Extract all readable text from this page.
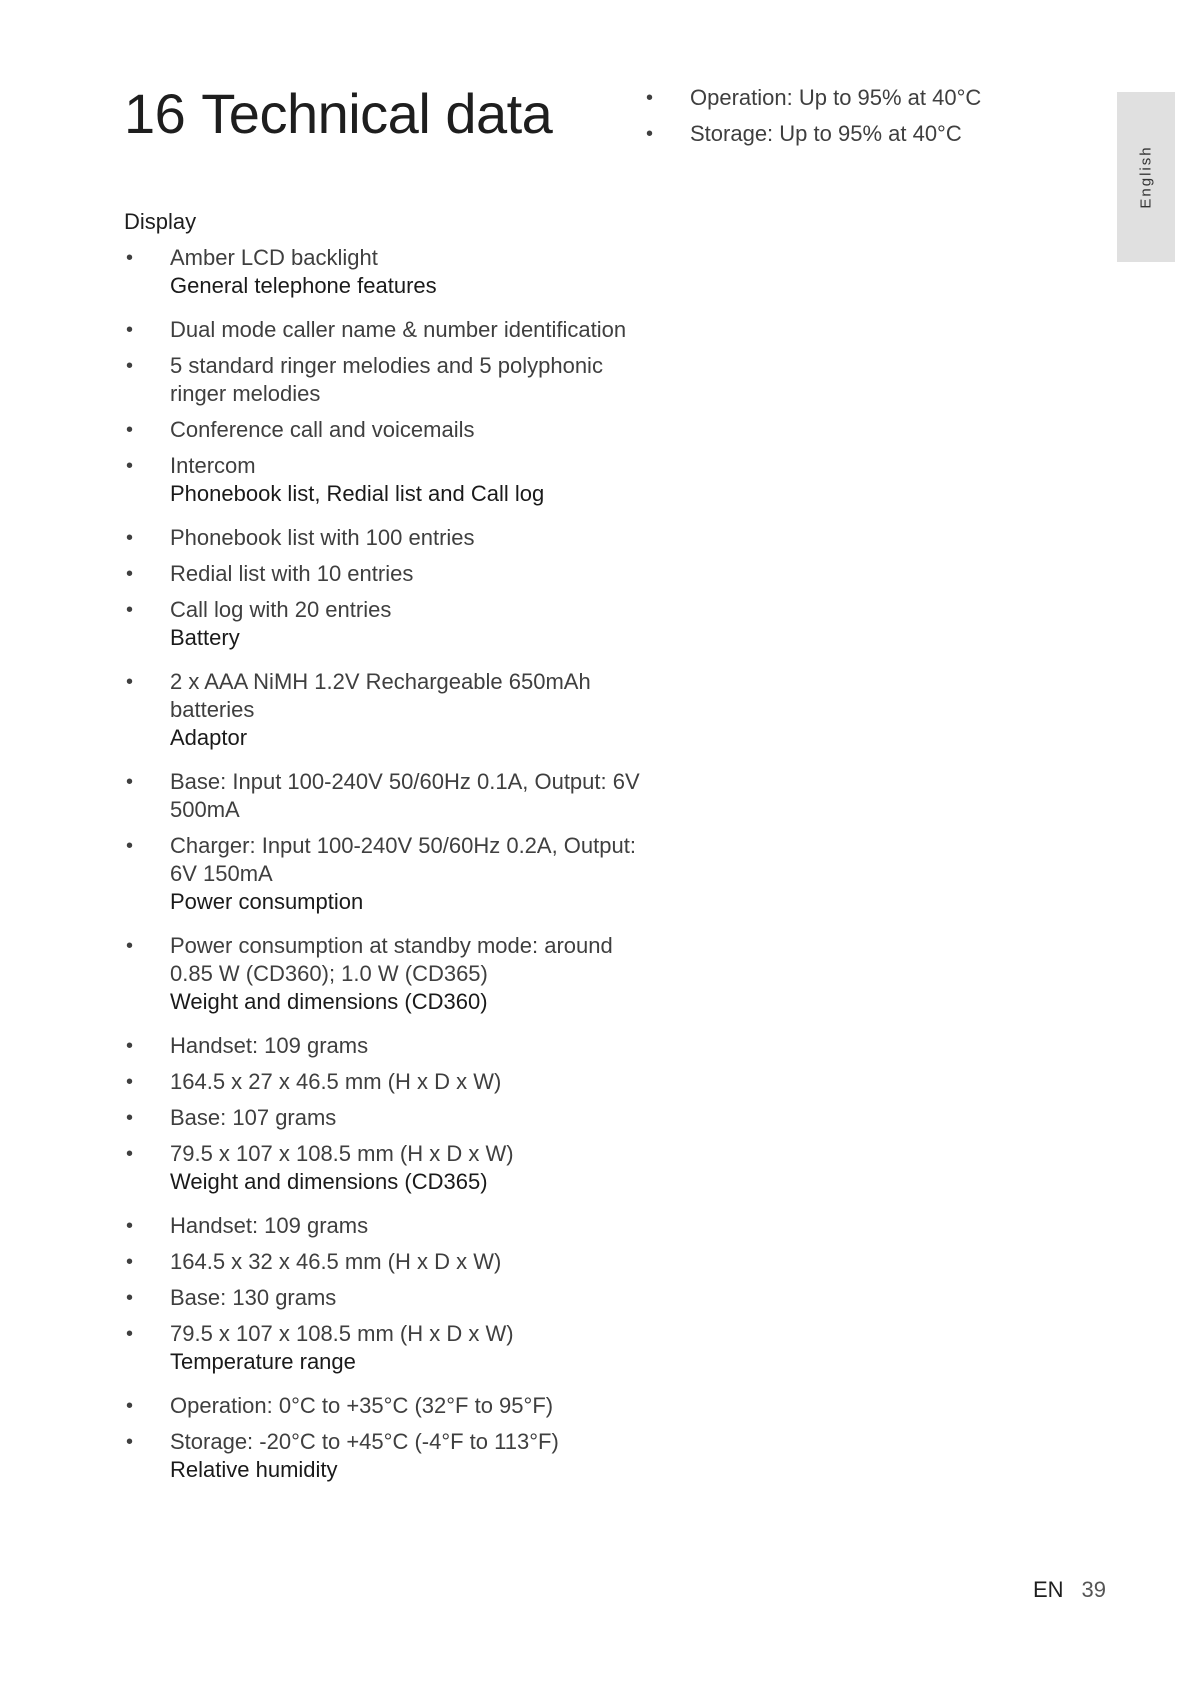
16 Technical data
Display
• Amber LCD backlight
General telephone features
• Dual mode caller name & number identification
• 5 standard ringer melodies and 5 polyphonic ringer melodies
• Conference call and voicemails
• Intercom
Phonebook list, Redial list and Call log
• Phonebook list with 100 entries
• Redial list with 10 entries
• Call log with 20 entries
Battery
• 2 x AAA NiMH 1.2V Rechargeable 650mAh batteries
Adaptor
• Base: Input 100-240V 50/60Hz 0.1A, Output: 6V 500mA
• Charger: Input 100-240V 50/60Hz 0.2A, Output: 6V 150mA
Power consumption
• Power consumption at standby mode: around 0.85 W (CD360); 1.0 W (CD365)
Weight and dimensions (CD360)
• Handset: 109 grams
• 164.5 x 27 x 46.5 mm (H x D x W)
• Base: 107 grams
• 79.5 x 107 x 108.5 mm (H x D x W)
Weight and dimensions (CD365)
• Handset: 109 grams
• 164.5 x 32 x 46.5 mm (H x D x W)
• Base: 130 grams
• 79.5 x 107 x 108.5 mm (H x D x W)
Temperature range
• Operation: 0°C to +35°C (32°F to 95°F)
• Storage: -20°C to +45°C (-4°F to 113°F)
Relative humidity
• Operation: Up to 95% at 40°C
• Storage: Up to 95% at 40°C
English
EN 39
